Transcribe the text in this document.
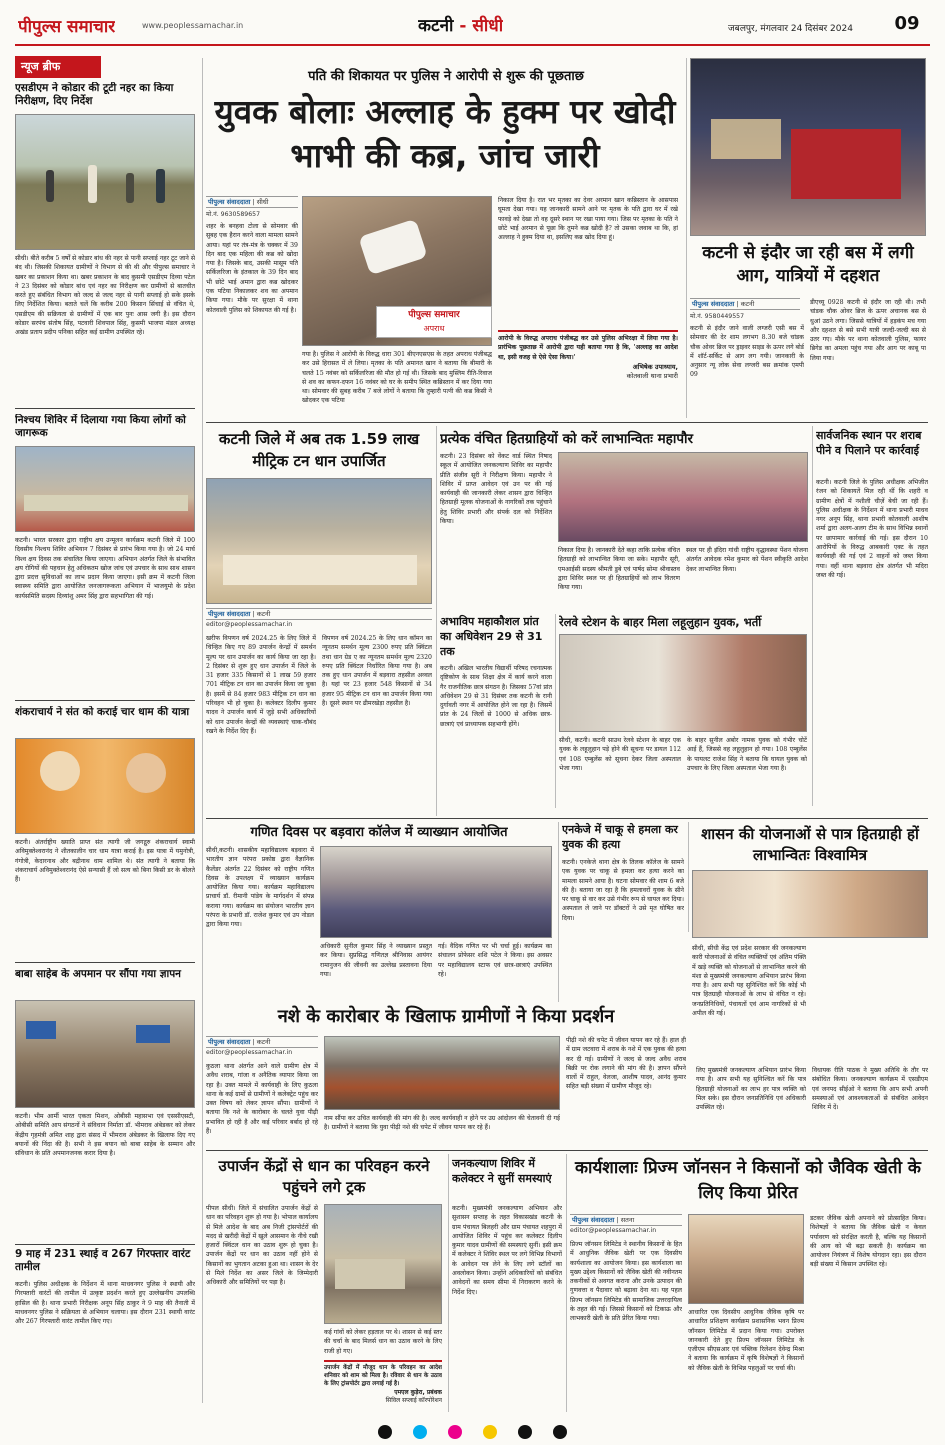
पीपुल्स समाचार	www.peoplessamachar.in	कटनी - सीधी	जबलपुर, मंगलवार 24 दिसंबर 2024 09
न्यूज ब्रीफ
एसडीएम ने कोडार की टूटी नहर का किया निरीक्षण, दिए निर्देश
सीधी। बीते करीब 5 वर्षों से कोडार बांध की नहर से पानी सप्लाई नहर टूट जाने से बंद थी। जिसकी शिकायत ग्रामीणों ने विभाग से की थी और पीपुल्स समाचार ने खबर का प्रकाशन किया था। खबर प्रकाशन के बाद कुसमी एसडीएम दिव्या पटेल ने 23 दिसंबर को कोडार बांध एवं नहर का निरीक्षण कर ग्रामीणों से बातचीत करते हुए संबंधित विभाग को जल्द से जल्द नहर से पानी सप्लाई हो सके इसके लिए निर्देशित किया। बताते चलें कि करीब 200 किसान सिंचाई से वंचित थे, एसडीएम की सक्रियता से ग्रामीणों में एक बार पुनः आस जगी है। इस दौरान कोडार सरपंच संतोष सिंह, पटवारी शिवपाल सिंह, कुसमी भाजपा मंडल अध्यक्ष अखंड प्रताप प्रदीप पनिका सहित कई ग्रामीण उपस्थित रहे।
निश्चय शिविर में दिलाया गया किया लोगों को जागरूक
कटनी। भारत सरकार द्वारा राष्ट्रीय क्षय उन्मूलन कार्यक्रम कटनी जिले में 100 दिवसीय निश्चय शिविर अभियान 7 दिसंबर से प्रारंभ किया गया है। जो 24 मार्च विश्व क्षय दिवस तक संचालित किया जाएगा। अभियान अंतर्गत जिले के संभावित क्षय रोगियों की पहचान हेतु अधिकतम खोज जांच एवं उपचार के साथ साथ शासन द्वारा प्रदत्त सुविधाओं का लाभ प्रदान किया जाएगा। इसी क्रम में कटनी जिला स्वास्थ्य समिति द्वारा आयोजित जनजागरूकता अभियान में भाजयुमो के प्रदेश कार्यसमिति सदस्य दिव्यांशु अमर सिंह द्वारा सहभागिता की गई।
शंकराचार्य ने संत को कराई चार धाम की यात्रा
कटनी। अंतर्राष्ट्रीय ख्याति प्राप्त संत त्यागी जी जगद्गुरु शंकराचार्य स्वामी अविमुक्तेश्वरानंद ने शीतकालीन चार धाम यात्रा कराई है। इस यात्रा में यमुनोत्री, गंगोत्री, केदारनाथ और बद्रीनाथ धाम शामिल थे। संत त्यागी ने बताया कि शंकराचार्य अविमुक्तेश्वरानंद ऐसे सन्यासी हैं जो सत्य को बिना किसी डर के बोलते हैं।
बाबा साहेब के अपमान पर सौंपा गया ज्ञापन
कटनी। भीम आर्मी भारत एकता मिशन, ओबीसी महासभा एवं एससीएसटी, ओबीसी समिति आप संगठनों ने संविधान निर्माता डॉ. भीमराव अंबेडकर को लेकर केंद्रीय गृहमंत्री अमित शाह द्वारा संसद में भीमराव अंबेडकर के खिलाफ दिए गए बयानों की निंदा की है। सभी ने इस बयान को बाबा साहेब के सम्मान और संविधान के प्रति अपमानजनक करार दिया है।
9 माह में 231 स्थाई व 267 गिरफ्तार वारंट तामील
कटनी। पुलिस अधीक्षक के निर्देशन में थाना माधवनगर पुलिस ने स्थायी और गिरफ्तारी वारंटों की तामील में उत्कृष्ट प्रदर्शन करते हुए उल्लेखनीय उपलब्धि हासिल की है। थाना प्रभारी निरीक्षक अनूप सिंह ठाकुर ने 9 माह की तैनाती में माधवनगर पुलिस ने सक्रियता से अभियान चलाया। इस दौरान 231 स्थायी वारंट और 267 गिरफ्तारी वारंट तामील किए गए।
पति की शिकायत पर पुलिस ने आरोपी से शुरू की पूछताछ
युवक बोलाः अल्लाह के हुक्म पर खोदी भाभी की कब्र, जांच जारी
पीपुल्स समाचार
अपराध
पीपुल्स संवाददाता | सीधी
मो.नं. 9630589657
शहर के बनहवा टोला से सोमवार की सुबह एक हैरान करने वाला मामला सामने आया। यहां पर तंत्र-मंत्र के चक्कर में 39 दिन बाद एक महिला की कब्र को खोदा गया है। जिसके बाद, उसकी मासूम पति सर्किलरिजा के इंतकाल के 39 दिन बाद भी छोटे भाई अमान द्वारा कब्र खोदकर एक पटिया निकालकर शव का अपमान किया गया। मौके पर सुरक्षा में थाना कोतवाली पुलिस को शिकायत की गई है।
गया है। पुलिस ने आरोपी के विरुद्ध धारा 301 बीएनएसएस के तहत अपराध पंजीबद्ध कर उसे हिरासत में ले लिया। मृतका के पति अमानत खान ने बताया कि बीमारी के चलते 15 नवंबर को सर्किलरिजा की मौत हो गई थी। जिसके बाद मुस्लिम रीति-रिवाज से शव का कफन-दफन 16 नवंबर को घर के समीप स्थित कब्रिस्तान में कर दिया गया था। सोमवार की सुबह करीब 7 बजे लोगों ने बताया कि तुम्हारी पत्नी की कब्र किसी ने खोदकर एक पटिया
निकाल दिया है। रात भर मृतका का देवर अरमान खान कब्रिस्तान के आसपास घूमता देखा गया। यह जानकारी सामने आने पर मृतक के पति द्वारा घर में रखे फावड़े को देखा तो वह दूसरे स्थान पर रखा पाया गया। जिस पर मृतका के पति ने छोटे भाई अरमान से पूछा कि तुमने कब्र खोदी है? तो उसका जवाब था कि, हां अल्लाह ने हुक्म दिया था, इसलिए कब्र खोद दिया हूं।
आरोपी के विरुद्ध अपराध पंजीबद्ध कर उसे पुलिस अभिरक्षा में लिया गया है। प्रारंभिक पूछताछ में आरोपी द्वारा यही बताया गया है कि, 'अल्लाह का आदेश था, इसी वजह से ऐसे ऐसा किया।'
अभिषेक उपाध्याय,
कोतवाली थाना प्रभारी
कटनी से इंदौर जा रही बस में लगी आग, यात्रियों में दहशत
पीपुल्स संवाददाता | कटनी
मो.नं. 9580449557
कटनी से इंदौर जाने वाली लग्जरी एसी बस में सोमवार की देर शाम लगभग 8.30 बजे चांडक चौक ओवर ब्रिज पर ड्राइवर साइड के ऊपर लगे बोर्ड में शॉर्ट-सर्किट से आग लग गयी। जानकारी के अनुसार न्यू लोक सेवा लग्जरी बस क्रमांक एमपी 09
डीएच्यू 0928 कटनी से इंदौर जा रही थी। तभी चांडक चौक ओवर ब्रिज के ऊपर अचानक बस से धुआं उठने लगा। जिससे यात्रियों में हड़कंप मच गया और दहशत से बसे सभी यात्री जल्दी-जल्दी बस से उतर गए। मौके पर थाना कोतवाली पुलिस, फायर ब्रिगेड का अमला पहुंच गया और आग पर काबू पा लिया गया।
कटनी जिले में अब तक 1.59 लाख मीट्रिक टन धान उपार्जित
पीपुल्स संवाददाता | कटनी
editor@peoplessamachar.in
खरीफ विपणन वर्ष 2024.25 के लिए जिले में चिन्हित किए गए 89 उपार्जन केन्द्रों में समर्थन मूल्य पर धान उपार्जन का कार्य किया जा रहा है। 2 दिसंबर से शुरू हुए धान उपार्जन में जिले के 31 हजार 335 किसानों से 1 लाख 59 हजार 701 मीट्रिक टन धान का उपार्जन किया जा चुका है। इसमें से 84 हजार 983 मीट्रिक टन धान का परिवहन भी हो चुका है। कलेक्टर दिलीप कुमार यादव ने उपार्जन कार्य में जुड़े सभी अधिकारियों को धान उपार्जन केन्द्रों की व्यवस्थाएं चाक-चौबंद रखने के निर्देश दिए हैं।
विपणन वर्ष 2024.25 के लिए धान कॉमन का न्यूनतम समर्थन मूल्य 2300 रुपए प्रति क्विंटल तथा धान ग्रेड ए का न्यूनतम समर्थन मूल्य 2320 रुपए प्रति क्विंटल निर्धारित किया गया है। अब तक हुए धान उपार्जन में बड़वारा तहसील अव्वल है। यहां पर 23 हजार 548 किसानों से 34 हजार 95 मीट्रिक टन धान का उपार्जन किया गया है। दूसरे स्थान पर ढीमरखेड़ा तहसील है।
प्रत्येक वंचित हितग्राहियों को करें लाभान्वितः महापौर
कटनी। 23 दिसंबर को वेंकट वार्ड स्थित निषाद स्कूल में आयोजित जनकल्याण शिविर का महापौर प्रीति संजीव सूरी ने निरीक्षण किया। महापौर ने शिविर में प्राप्त आवेदन एवं उन पर की गई कार्यवाही की जानकारी लेकर शासन द्वारा चिन्हित हितग्राही मूलक योजनाओं के नागरिकों तक पहुंचाने हेतु शिविर प्रभारी और संपर्क दल को निर्देशित किया।
निकाल दिया है। जानकारी देते कहा ताकि प्रत्येक वंचित हितग्राही को लाभान्वित किया जा सके। महापौर सूरी, एमआईसी सदस्य श्रीमती डुबे एवं पार्षद सोमा श्रीवास्तव द्वारा शिविर स्थल पर ही हितग्राहियों को लाभ वितरण किया गया।
स्थल पर ही इंदिरा गांधी राष्ट्रीय वृद्धावस्था पेंशन योजना अंतर्गत आवेदक रमेश कुमार को पेंशन स्वीकृति आदेश देकर लाभान्वित किया।
सार्वजनिक स्थान पर शराब पीने व पिलाने पर कार्रवाई
कटनी। कटनी जिले के पुलिस अधीक्षक अभिजीत रंजन को शिकायतें मिल रही थीं कि शहरी व ग्रामीण क्षेत्रों में नशीली चीज़ें बेची जा रही हैं। पुलिस अधीक्षक के निर्देशन में थाना प्रभारी माधव नगर अनूप सिंह, थाना प्रभारी कोतवाली आशीष शर्मा द्वारा अलग-अलग टीम के साथ विभिन्न स्थानों पर छापामार कार्रवाई की गई। इस दौरान 10 आरोपियों के विरुद्ध आबकारी एक्ट के तहत कार्यवाही की गई एवं 2 वाहनों को जब्त किया गया। वहीं थाना बड़वारा क्षेत्र अंतर्गत भी मदिरा जब्त की गई।
अभाविप महाकौशल प्रांत का अधिवेशन 29 से 31 तक
कटनी। अखिल भारतीय विद्यार्थी परिषद रचनात्मक दृष्टिकोण के साथ शिक्षा क्षेत्र में कार्य करने वाला गैर राजनीतिक छात्र संगठन है। जिसका 57वां प्रांत अधिवेशन 29 से 31 दिसंबर तक कटनी के रानी दुर्गावती नगर में आयोजित होने जा रहा है। जिसमें प्रांत के 24 जिलों से 1000 से अधिक छात्र-छात्राएं एवं प्राध्यापक सहभागी होंगे।
रेलवे स्टेशन के बाहर मिला लहूलुहान युवक, भर्ती
सीधी, कटनी। कटनी साउथ रेलवे स्टेशन के बाहर एक युवक के लहूलुहान पड़े होने की सूचना पर डायल 112 एवं 108 एम्बुलेंस को सूचना देकर जिला अस्पताल भेजा गया।
के बाहर सुनील अबोर नामक युवक को गंभीर चोटें आई हैं, जिससे वह लहूलुहान हो गया। 108 एम्बुलेंस के पायलट राजेश सिंह ने बताया कि घायल युवक को उपचार के लिए जिला अस्पताल भेजा गया है।
गणित दिवस पर बड़वारा कॉलेज में व्याख्यान आयोजित
सीधी,कटनी। शासकीय महाविद्यालय बड़वारा में भारतीय ज्ञान परंपरा प्रकोष्ठ द्वारा वैज्ञानिक कैलेंडर अंतर्गत 22 दिसंबर को राष्ट्रीय गणित दिवस के उपलक्ष्य में व्याख्यान कार्यक्रम आयोजित किया गया। कार्यक्रम महाविद्यालय प्राचार्य डॉ. रीमानी पांडेय के मार्गदर्शन में संपन्न कराया गया। कार्यक्रम का संयोजन भारतीय ज्ञान परंपरा के प्रभारी डॉ. राजेश कुमार एवं उप नोडल द्वारा किया गया।
अधिकारी सुनील कुमार सिंह ने व्याख्यान प्रस्तुत कर किया। सुप्रसिद्ध गणितज्ञ श्रीनिवास आयंगर रामानुजन की जीवनी का उल्लेख प्रस्तावना दिया गया।
गई। वैदिक गणित पर भी चर्चा हुई। कार्यक्रम का संचालन प्रोफेसर शशि पटेल ने किया। इस अवसर पर महाविद्यालय स्टाफ एवं छात्र-छात्राएं उपस्थित रहे।
एनकेजे में चाकू से हमला कर युवक की हत्या
कटनी। एनकेजे थाना क्षेत्र के तिलक कॉलेज के सामने एक युवक पर चाकू से हमला कर हत्या करने का मामला सामने आया है। घटना सोमवार की शाम 6 बजे की है। बताया जा रहा है कि हमलावरों युवक के सीने पर चाकू से वार कर उसे गंभीर रूप से घायल कर दिया। अस्पताल ले जाने पर डॉक्टरों ने उसे मृत घोषित कर दिया।
शासन की योजनाओं से पात्र हितग्राही हों लाभान्वितः विश्वामित्र
सीधी, सीधी केंद्र एवं प्रदेश सरकार की जनकल्याण कारी योजनाओं से वंचित व्यक्तियों एवं अंतिम पंक्ति में खड़े व्यक्ति को योजनाओं से लाभान्वित करने की मंशा से मुख्यमंत्री जनकल्याण अभियान प्रारंभ किया गया है। आप सभी यह सुनिश्चित करें कि कोई भी पात्र हितग्राही योजनाओं के लाभ से वंचित न रहे। जनप्रतिनिधियों, पंचायतों एवं आम नागरिकों से भी अपील की गई।
नशे के कारोबार के खिलाफ ग्रामीणों ने किया प्रदर्शन
पीपुल्स संवाददाता | कटनी
editor@peoplessamachar.in
कुठला थाना अंतर्गत आने वाले ग्रामीण क्षेत्र में अवैध शराब, गांजा व अनैतिक व्यापार किया जा रहा है। उक्त मामले में कार्यवाही के लिए कुठला थाना के कई ग्रामों से ग्रामीणों ने कलेक्ट्रेट पहुंच कर उक्त विषय को लेकर ज्ञापन सौंपा। ग्रामीणों ने बताया कि नशे के कारोबार के चलते युवा पीढ़ी प्रभावित हो रही है और कई परिवार बर्बाद हो रहे हैं।
नाम सौंपा कर उचित कार्यवाही की मांग की है। जल्द कार्यवाही न होने पर उग्र आंदोलन की चेतावनी दी गई है। ग्रामीणों ने बताया कि युवा पीढ़ी नशे की चपेट में जीवन यापन कर रहे हैं।
पीढ़ी नशे की चपेट में जीवन यापन कर रहे हैं। हाल ही में ग्राम जटवारा में शराब के नशे में एक युवक की हत्या कर दी गई। ग्रामीणों ने जल्द से जल्द अवैध शराब बिक्री पर रोक लगाने की मांग की है। ज्ञापन सौंपने वालों में राहुल, वेलजा, आशीष यादव, आनंद कुमार सहित बड़ी संख्या में ग्रामीण मौजूद रहे।
लिए मुख्यमंत्री जनकल्याण अभियान प्रारंभ किया गया है। आप सभी यह सुनिश्चित करें कि पात्र हितग्राही योजनाओं का लाभ हर पात्र व्यक्ति को मिल सके। इस दौरान जनप्रतिनिधि एवं अधिकारी उपस्थित रहे।
विधायक रीति पाठक ने मुख्य अतिथि के तौर पर संबोधित किया। जनकल्याण कार्यक्रम में एसडीएम एवं जनपद सीईओ ने बताया कि आप सभी अपनी समस्याओं एवं आवश्यकताओं से संबंधित आवेदन शिविर में दें।
उपार्जन केंद्रों से धान का परिवहन करने पहुंचने लगे ट्रक
पीपल सीधी। जिले में संचालित उपार्जन केंद्रों से धान का परिवहन शुरू हो गया है। भोपाल कार्यालय से मिले आदेश के बाद अब निजी ट्रांसपोर्टरों की मदद से खरीदी केंद्रों में खुले आसमान के नीचे रखी हजारों क्विंटल धान का उठाव शुरू हो चुका है। उपार्जन केंद्रों पर धान का उठाव नहीं होने से किसानों का भुगतान अटका हुआ था। शासन के देर से मिले निर्देश का असर जिले के जिम्मेदारी अधिकारी और समितियों पर पड़ा है।
कई गांवों को लेकर हड़ताल पर थे। शासन से कई स्तर की चर्चा के बाद मिलर्स धान का उठाव करने के लिए राजी हो गए।
उपार्जन केंद्रों में मौजूद धान के परिवहन का आदेश शनिवार को शाम को मिला है। रविवार से धान के उठाव के लिए ट्रांसपोर्टर द्वारा लगाई गई है।
एमएल कुड़ेरा, प्रबंधक
सिविल सप्लाई कॉरपोरेशन
जनकल्याण शिविर में कलेक्टर ने सुनीं समस्याएं
कटनी। मुख्यमंत्री जनकल्याण अभियान और सुशासन सप्ताह के तहत विकासखंड कटनी के ग्राम पंचायत बिलहरी और ग्राम पंचायत शहपुरा में आयोजित शिविर में पहुंच कर कलेक्टर दिलीप कुमार यादव ग्रामीणों की समस्याएं सुनीं। इसी क्रम में कलेक्टर ने शिविर स्थल पर लगे विभिन्न विभागों के आवेदन पत्र लेने के लिए लगे स्टॉलों का अवलोकन किया। उन्होंने अधिकारियों को संबंधित आवेदनों का समय सीमा में निराकरण करने के निर्देश दिए।
कार्यशालाः प्रिज्म जॉनसन ने किसानों को जैविक खेती के लिए किया प्रेरित
पीपुल्स संवाददाता | सतना
editor@peoplessamachar.in
प्रिज्म जॉनसन लिमिटेड ने स्थानीय किसानों के हित में आधुनिक जैविक खेती पर एक दिवसीय कार्यशाला का आयोजन किया। इस कार्यशाला का मुख्य उद्देश्य किसानों को जैविक खेती की नवीनतम तकनीकों से अवगत कराना और उनके उत्पादन की गुणवत्ता व पैदावार को बढ़ावा देना था। यह पहल प्रिज्म जॉनसन लिमिटेड की सामाजिक उत्तरदायित्व के तहत की गई। जिससे किसानों को टिकाऊ और लाभकारी खेती के प्रति प्रेरित किया गया।
आधारित एक दिवसीय आधुनिक जैविक कृषि पर आधारित प्रशिक्षण कार्यक्रम प्रशासनिक भवन प्रिज्म जॉनसन लिमिटेड में प्रदान किया गया। उपरोक्त जानकारी देते हुए प्रिज्म जॉनसन लिमिटेड के एजीएम सीएसआर एवं पब्लिक रिलेशन देवेन्द्र मिश्रा ने बताया कि कार्यक्रम में कृषि विशेषज्ञों ने किसानों को जैविक खेती के विभिन्न पहलुओं पर चर्चा की।
डटकर जैविक खेती अपनाने को प्रोत्साहित किया। विशेषज्ञों ने बताया कि जैविक खेती न केवल पर्यावरण को संरक्षित करती है, बल्कि यह किसानों की आय को भी बढ़ा सकती है। कार्यक्रम का आयोजन नियंत्रण में विशेष योगदान रहा। इस दौरान बड़ी संख्या में किसान उपस्थित रहे।
